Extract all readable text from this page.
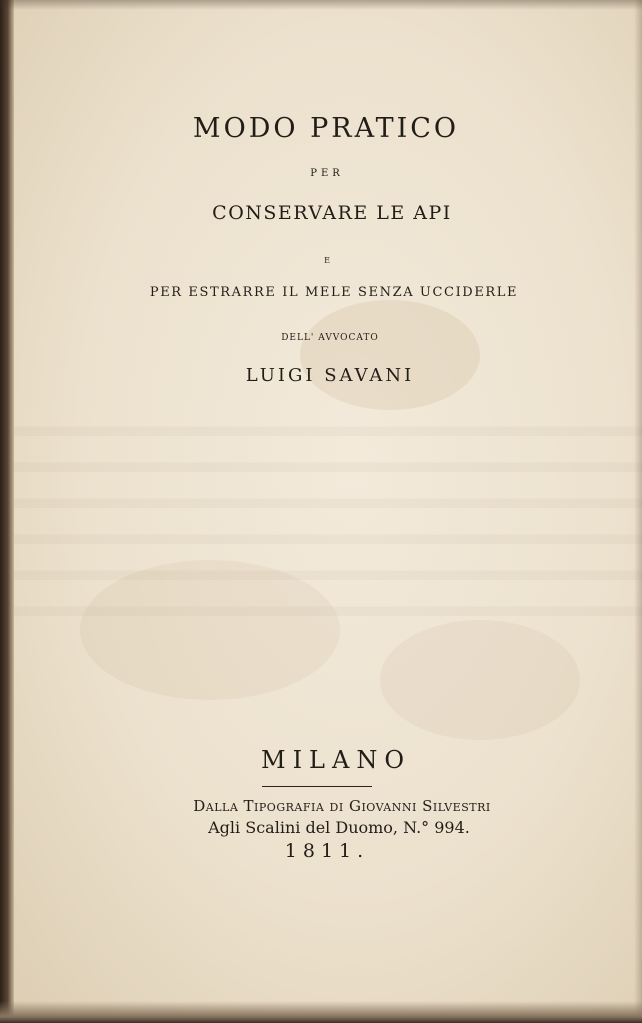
MODO PRATICO
PER
CONSERVARE LE API
E
PER ESTRARRE IL MELE SENZA UCCIDERLE
DELL' AVVOCATO
LUIGI SAVANI
MILANO
Dalla Tipografia di Giovanni Silvestri
Agli Scalini del Duomo, N.° 994.
1811.
